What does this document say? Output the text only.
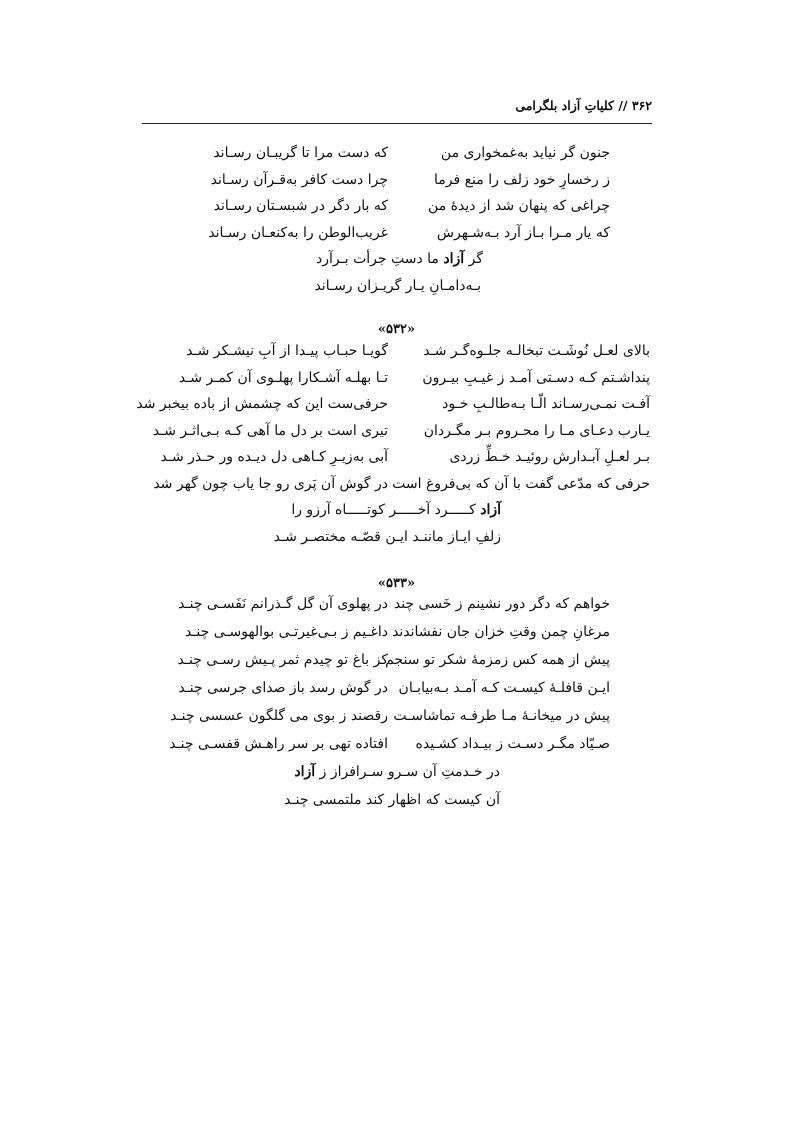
۳۶۲ // کلیاتِ آزاد بلگرامی
جنون گر نیاید به‌غمخواری من
که دست مرا تا گریبـان رسـاند
ز رخسارِ خود زلف را منع فرما
چرا دست کافر به‌قـرآن رسـاند
چراغی که پنهان شد از دیدۀ من
که بار دگر در شبسـتان رسـاند
که یار مـرا بـاز آرد بـه‌شـهرش
غریب‌الوطن را به‌کنعـان رسـاند
گر آزاد ما دستِ جرأت بـرآرد
بـه‌دامـانِ یـار گریـزان رسـاند
«۵۳۲»
بالای لعـل نُوشَـت تبخالـه جلـوه‌گـر شـد
گویـا حبـاب پیـدا از آبِ نیشـکر شـد
پنداشـتم کـه دسـتی آمـد ز غیـبِ بیـرون
تـا بهلـه آشـکارا پهلـوی آن کمـر شـد
آفـت نمـی‌رسـاند الّـا بـه‌طالـبِ خـود
حرفی‌ست این که چشمش از باده بیخبر شد
یـارب دعـای مـا را محـروم بـر مگـردان
تیری است بر دل ما آهی کـه بـی‌اثـر شـد
بـر لعـلِ آبـدارش روئیـد خـطِّ زردی
آبی به‌زیـرِ کـاهی دل دیـده ور حـذر شـد
حرفی که مدّعی گفت با آن که بی‌فروغ است
در گوش آن پَری رو جا یاب چون گهر شد
آزاد کـــــرد آخـــــر کوتـــــاه آرزو را
زلفِ ایـاز ماننـد ایـن قصّـه مختصـر شـد
«۵۳۳»
خواهم که دگر دور نشینم ز خَسی چند
در پهلوی آن گل گـذرانم نَفَسـی چنـد
مرغانِ چمن وقتِ خزان جان نفشاندند
داغـیم ز بـی‌غیرتـی بوالهوسـی چنـد
پیش از همه کس زمزمۀ شکر تو سنجم
کز باغ تو چیدم ثمر پـیش رسـی چنـد
ایـن قافلـۀ کیسـت کـه آمـد بـه‌بیابـان
در گوش رسد باز صدای جرسی چنـد
پیش در میخانـۀ مـا طرفـه تماشاسـت
رقصند ز بوی می گلگون عسسی چنـد
صـیّاد مگـر دسـت ز بیـداد کشـیده
افتاده تهی بر سر راهـش قفسـی چنـد
در خـدمتِ آن سـرو سـرافراز ز آزاد
آن کیست که اظهار کند ملتمسی چنـد
